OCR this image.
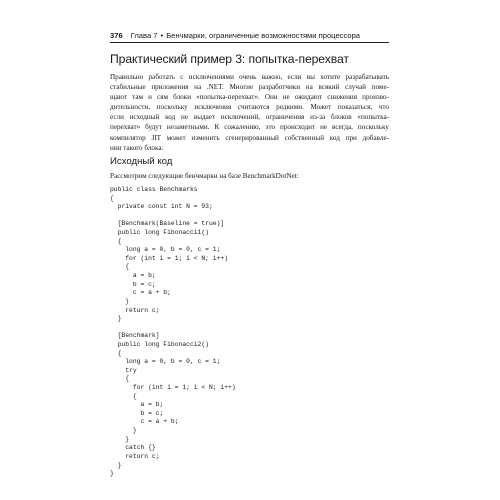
376 Глава 7 • Бенчмарки, ограниченные возможностями процессора
Практический пример 3: попытка-перехват

Правильно работать с исключениями очень важно, если вы хотите разрабатывать
стабильные приложения на .NET. Многие разработчики на всякий случай поме-
щают там и сям блоки «попытка-перехват». Они не ожидают снижения произво-
дительности, поскольку исключения считаются редкими. Может показаться, что
если исходный код не выдает исключений, ограничения из-за блоков «попытка-
перехват» будут незаметными. К сожалению, это происходит не всегда, поскольку
компилятор JIT может изменить сгенерированный собственный код при добавле-
нии такого блока.

Исходный код
Рассмотрим следующие бенчмарки на базе BenchmarkDotNet:
public class Benchmarks
{
private const int N = 93;
[Benchmark(Baseline = true)]
public long Fibonacci1()
{
long a = 0, b = 0, c = 1;
for (int i = 1; i < N; i++)
{
a = b;
b = c;
c = a + b;
}
return c;
}
[Benchmark]
public long Fibonacci2()
{
long a = 0, b = 0, c = 1;
try
{
for (int i = 1; i < N; i++)
{
a = b;
b = c;
c = a + b;
}
}
catch {}
return c;
}
}
